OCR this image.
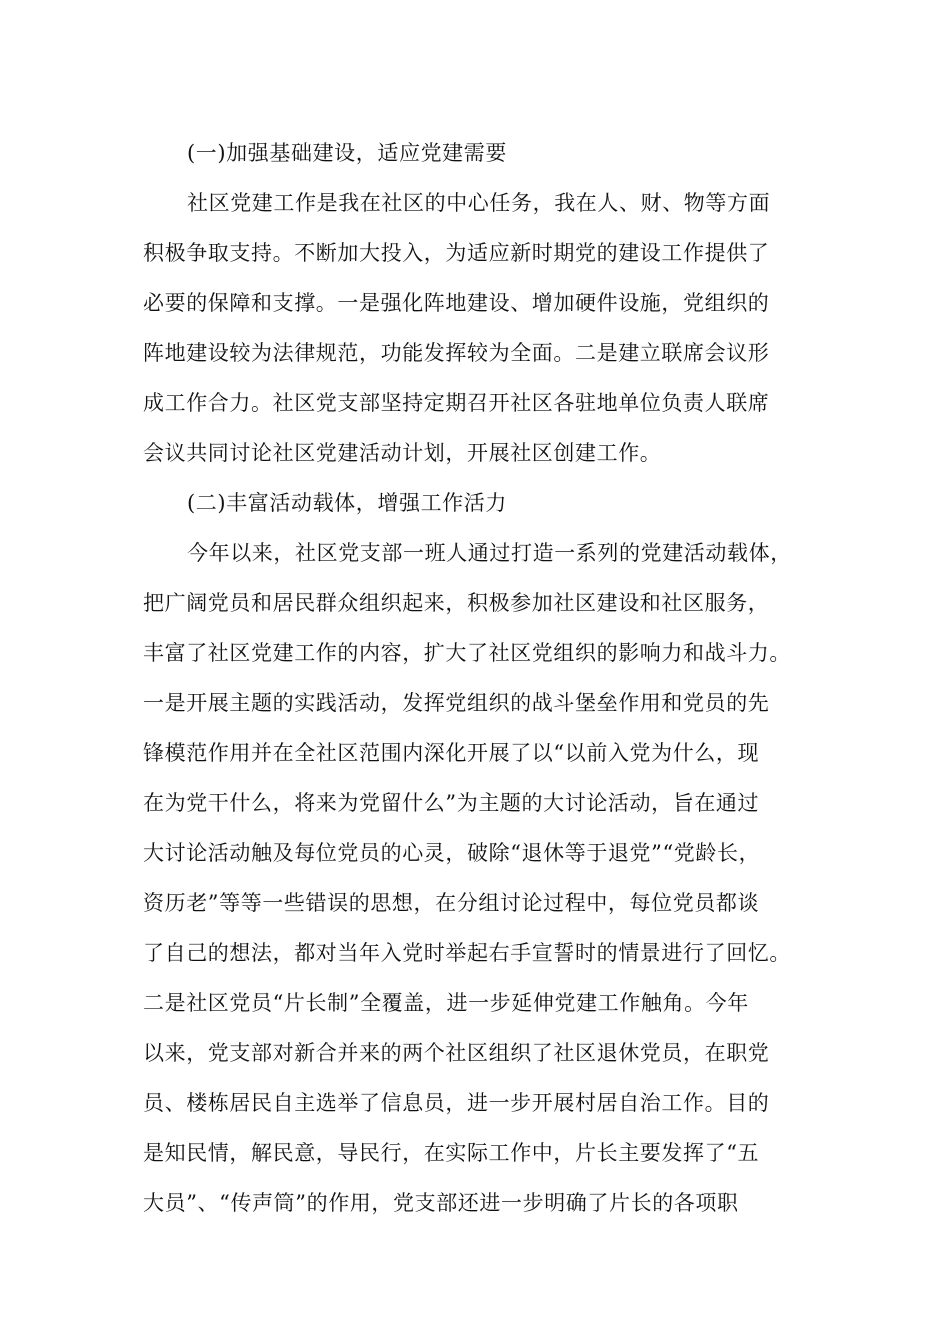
(一)加强基础建设，适应党建需要
社区党建工作是我在社区的中心任务，我在人、财、物等方面
积极争取支持。不断加大投入，为适应新时期党的建设工作提供了
必要的保障和支撑。一是强化阵地建设、增加硬件设施，党组织的
阵地建设较为法律规范，功能发挥较为全面。二是建立联席会议形
成工作合力。社区党支部坚持定期召开社区各驻地单位负责人联席
会议共同讨论社区党建活动计划，开展社区创建工作。
(二)丰富活动载体，增强工作活力
今年以来，社区党支部一班人通过打造一系列的党建活动载体，
把广阔党员和居民群众组织起来，积极参加社区建设和社区服务，
丰富了社区党建工作的内容，扩大了社区党组织的影响力和战斗力。
一是开展主题的实践活动，发挥党组织的战斗堡垒作用和党员的先
锋模范作用并在全社区范围内深化开展了以“以前入党为什么，现
在为党干什么，将来为党留什么”为主题的大讨论活动，旨在通过
大讨论活动触及每位党员的心灵，破除“退休等于退党”“党龄长，
资历老”等等一些错误的思想，在分组讨论过程中，每位党员都谈
了自己的想法，都对当年入党时举起右手宣誓时的情景进行了回忆。
二是社区党员“片长制”全覆盖，进一步延伸党建工作触角。今年
以来，党支部对新合并来的两个社区组织了社区退休党员，在职党
员、楼栋居民自主选举了信息员，进一步开展村居自治工作。目的
是知民情，解民意，导民行，在实际工作中，片长主要发挥了“五
大员”、“传声筒”的作用，党支部还进一步明确了片长的各项职
